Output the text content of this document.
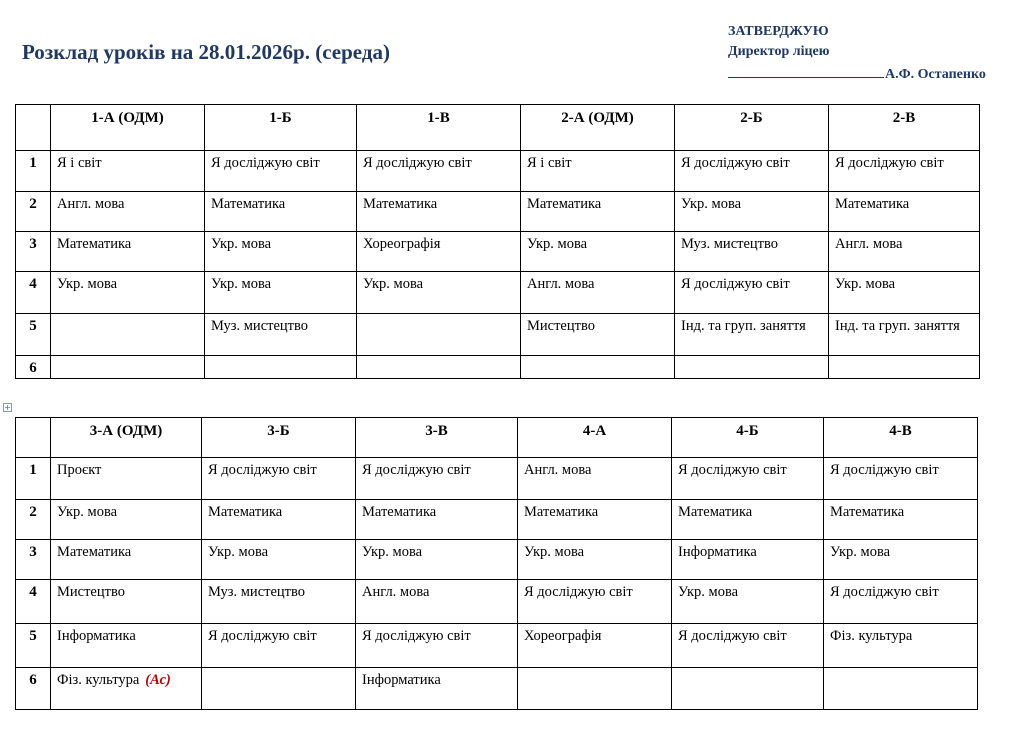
Розклад уроків на 28.01.2026р. (середа)
ЗАТВЕРДЖУЮ
Директор ліцею
А.Ф. Остапенко
+
	1-А (ОДМ)	1-Б	1-В	2-А (ОДМ)	2-Б	2-В
1	Я і світ	Я досліджую світ	Я досліджую світ	Я і світ	Я досліджую світ	Я досліджую світ
2	Англ. мова	Математика	Математика	Математика	Укр. мова	Математика
3	Математика	Укр. мова	Хореографія	Укр. мова	Муз. мистецтво	Англ. мова
4	Укр. мова	Укр. мова	Укр. мова	Англ. мова	Я досліджую світ	Укр. мова
5		Муз. мистецтво		Мистецтво	Інд. та груп. заняття	Інд. та груп. заняття
6						
	3-А (ОДМ)	3-Б	3-В	4-А	4-Б	4-В
1	Проєкт	Я досліджую світ	Я досліджую світ	Англ. мова	Я досліджую світ	Я досліджую світ
2	Укр. мова	Математика	Математика	Математика	Математика	Математика
3	Математика	Укр. мова	Укр. мова	Укр. мова	Інформатика	Укр. мова
4	Мистецтво	Муз. мистецтво	Англ. мова	Я досліджую світ	Укр. мова	Я досліджую світ
5	Інформатика	Я досліджую світ	Я досліджую світ	Хореографія	Я досліджую світ	Фіз. культура
6	Фіз. культура (Ас)		Інформатика			
